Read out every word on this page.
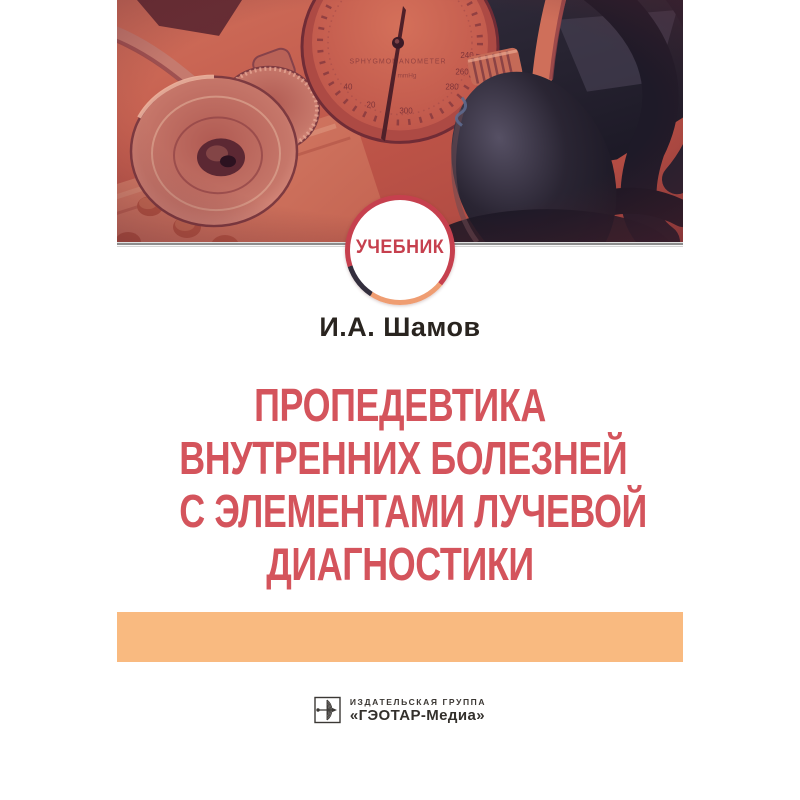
УЧЕБНИК
И.А. Шамов
ПРОПЕДЕВТИКА
ВНУТРЕННИХ БОЛЕЗНЕЙ
С ЭЛЕМЕНТАМИ ЛУЧЕВОЙ
ДИАГНОСТИКИ
ИЗДАТЕЛЬСКАЯ ГРУППА
«ГЭОТАР-Медиа»
